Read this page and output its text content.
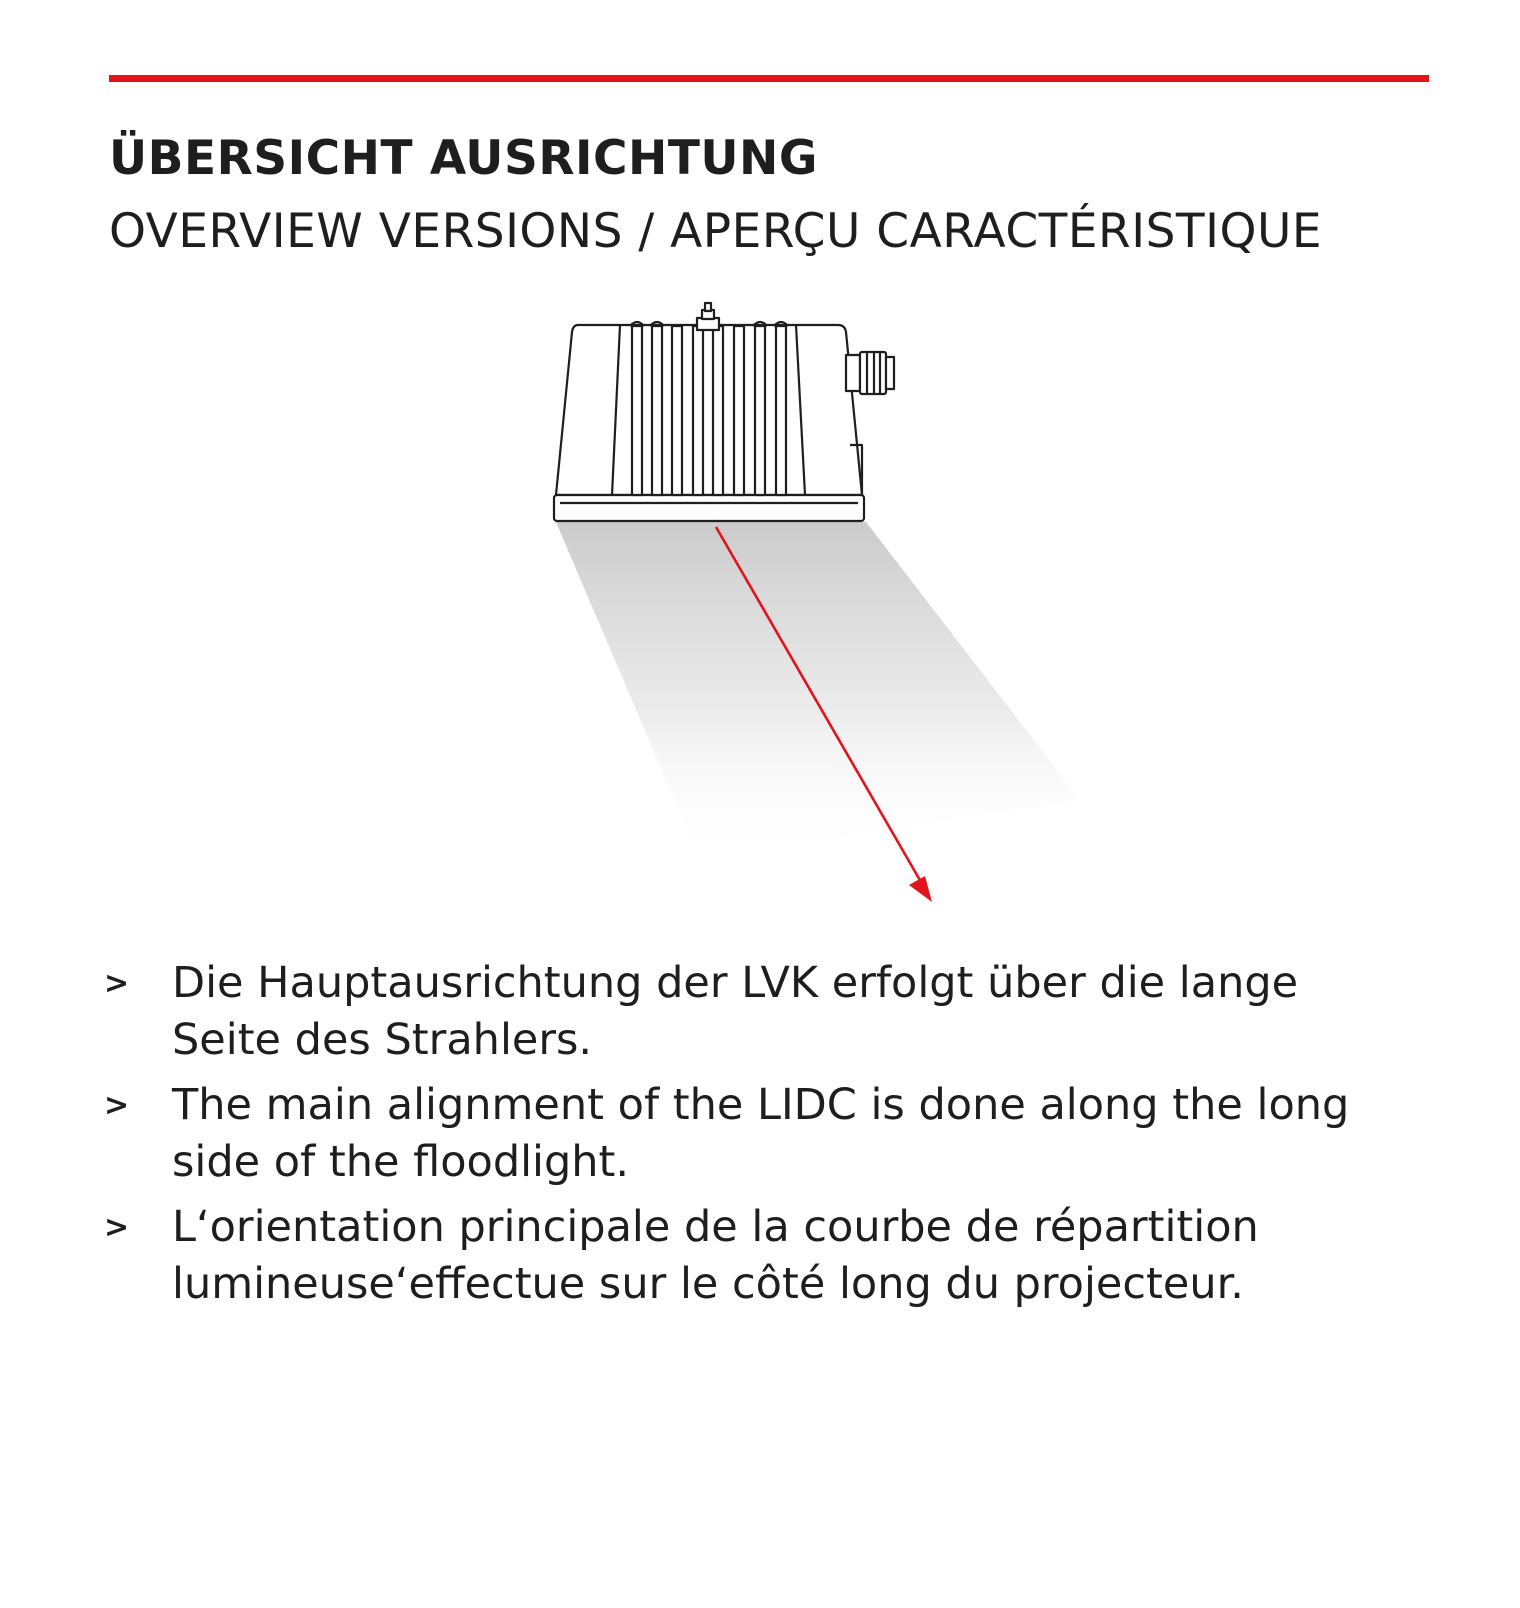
ÜBERSICHT AUSRICHTUNG
OVERVIEW VERSIONS / APERÇU CARACTÉRISTIQUE
> Die Hauptausrichtung der LVK erfolgt über die lange
Seite des Strahlers.
> The main alignment of the LIDC is done along the long
side of the floodlight.
> L‘orientation principale de la courbe de répartition
lumineuse‘effectue sur le côté long du projecteur.
